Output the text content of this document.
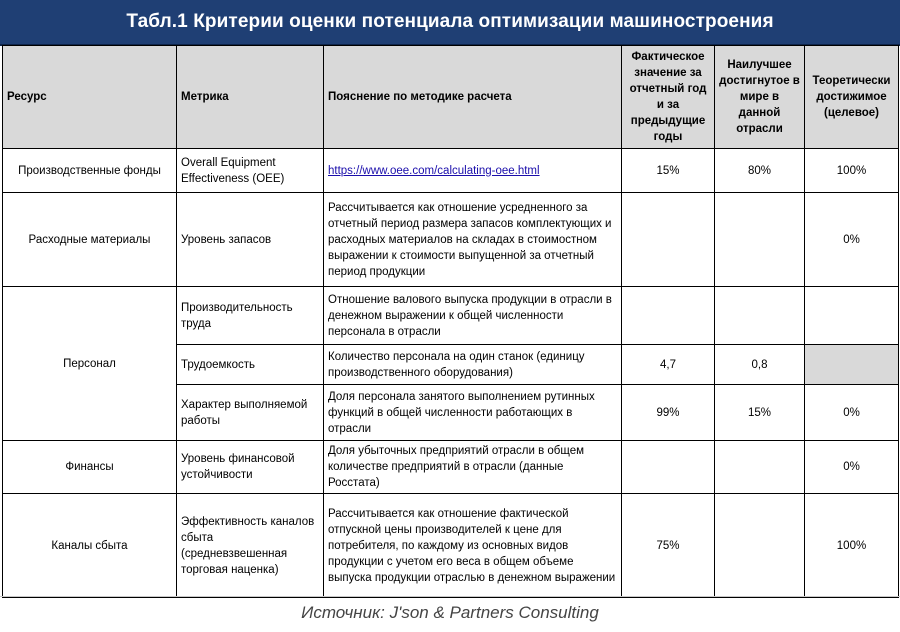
Табл.1 Критерии оценки потенциала оптимизации машиностроения
Ресурс	Метрика	Пояснение по методике расчета	Фактическое значение за отчетный год и за предыдущие годы	Наилучшее достигнутое в мире в данной отрасли	Теоретически достижимое (целевое)
Производственные фонды	Overall Equipment Effectiveness (OEE)	https://www.oee.com/calculating-oee.html	15%	80%	100%
Расходные материалы	Уровень запасов	Рассчитывается как отношение усредненного за отчетный период размера запасов комплектующих и расходных материалов на складах в стоимостном выражении к стоимости выпущенной за отчетный период продукции			0%
Персонал	Производительность труда	Отношение валового выпуска продукции в отрасли в денежном выражении к общей численности персонала в отрасли			
	Трудоемкость	Количество персонала на один станок (единицу производственного оборудования)	4,7	0,8	
	Характер выполняемой работы	Доля персонала занятого выполнением рутинных функций в общей численности работающих в отрасли	99%	15%	0%
Финансы	Уровень финансовой устойчивости	Доля убыточных предприятий отрасли в общем количестве предприятий в отрасли (данные Росстата)			0%
Каналы сбыта	Эффективность каналов сбыта (средневзвешенная торговая наценка)	Рассчитывается как отношение фактической отпускной цены производителей к цене для потребителя, по каждому из основных видов продукции с учетом его веса в общем объеме выпуска продукции отраслью в денежном выражении	75%		100%
Источник: J'son & Partners Consulting
